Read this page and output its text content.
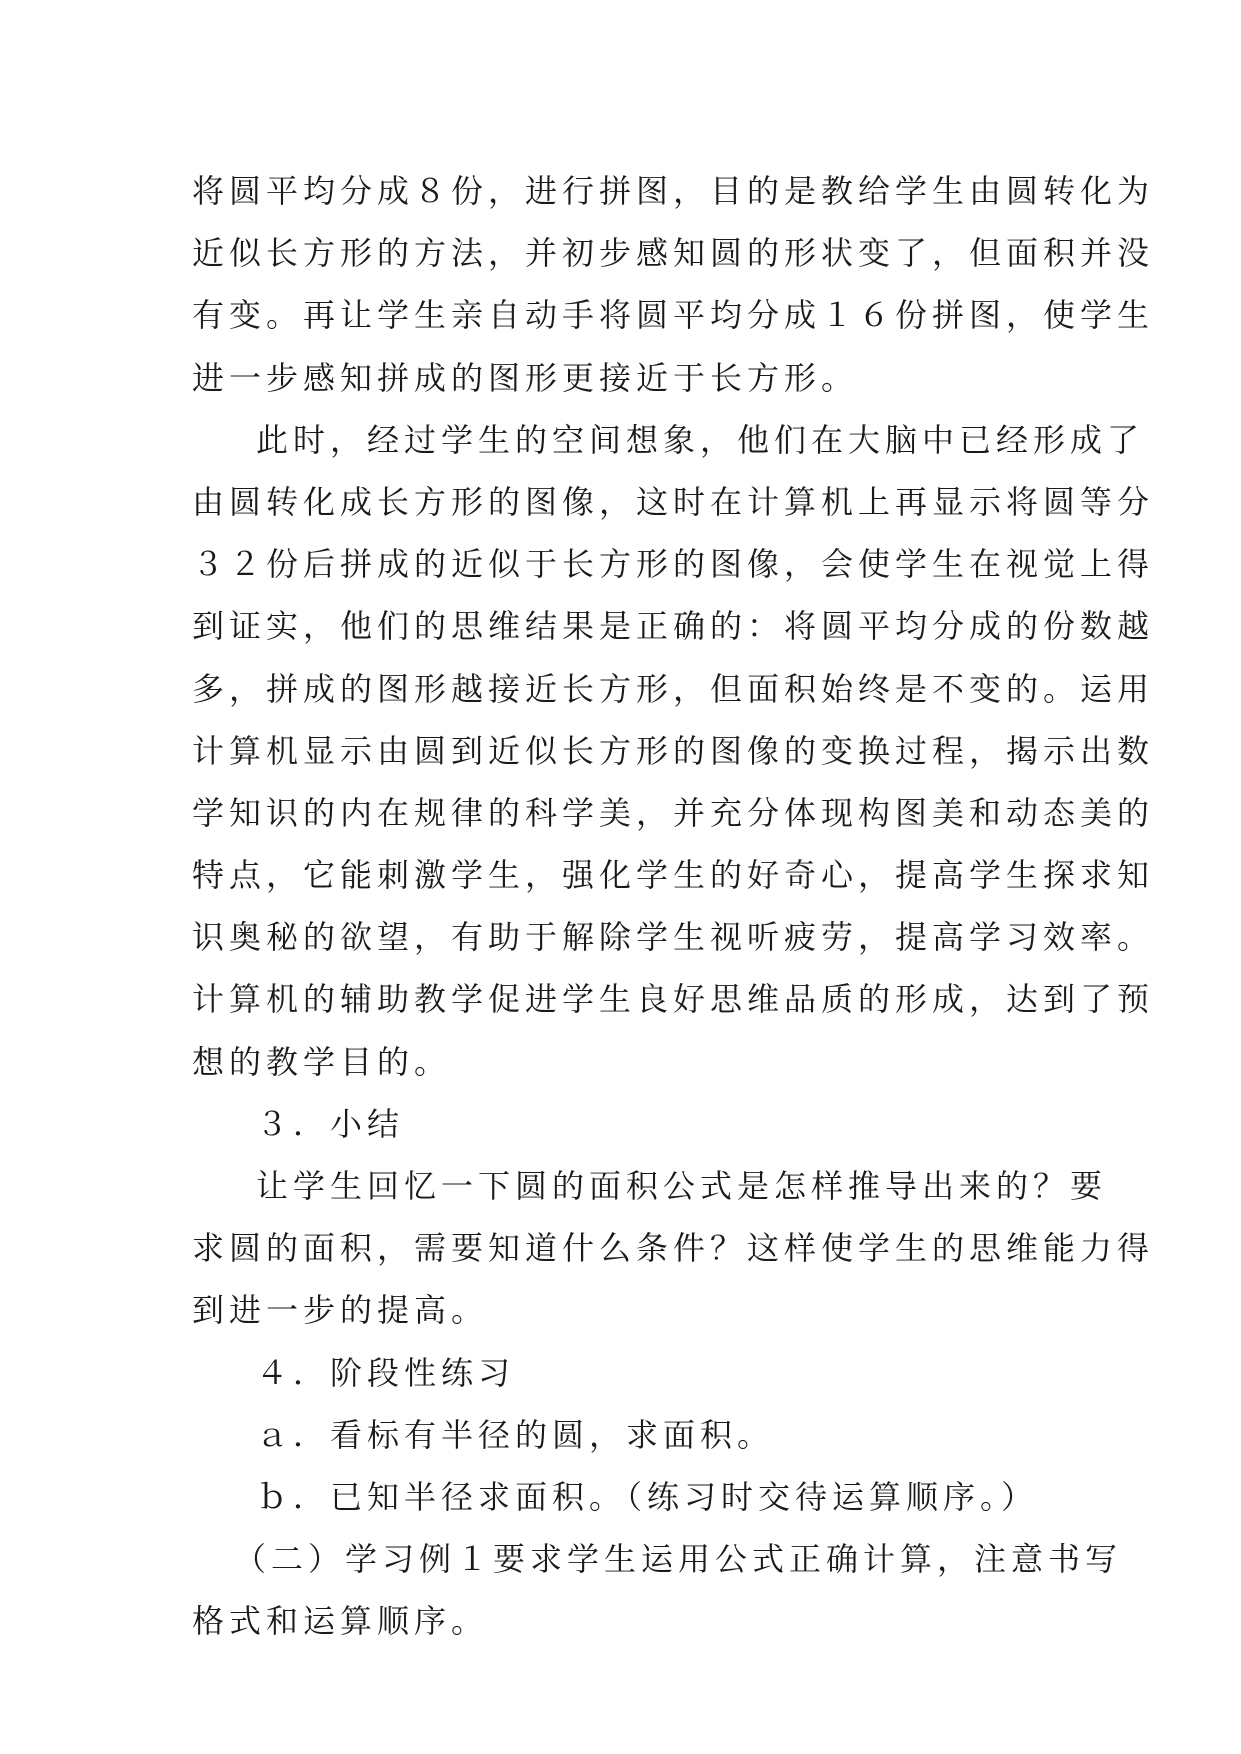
将圆平均分成８份，进行拼图，目的是教给学生由圆转化为
近似长方形的方法，并初步感知圆的形状变了，但面积并没
有变。再让学生亲自动手将圆平均分成１６份拼图，使学生
进一步感知拼成的图形更接近于长方形。
此时，经过学生的空间想象，他们在大脑中已经形成了
由圆转化成长方形的图像，这时在计算机上再显示将圆等分
３２份后拼成的近似于长方形的图像，会使学生在视觉上得
到证实，他们的思维结果是正确的：将圆平均分成的份数越
多，拼成的图形越接近长方形，但面积始终是不变的。运用
计算机显示由圆到近似长方形的图像的变换过程，揭示出数
学知识的内在规律的科学美，并充分体现构图美和动态美的
特点，它能刺激学生，强化学生的好奇心，提高学生探求知
识奥秘的欲望，有助于解除学生视听疲劳，提高学习效率。
计算机的辅助教学促进学生良好思维品质的形成，达到了预
想的教学目的。
３．小结
让学生回忆一下圆的面积公式是怎样推导出来的？要
求圆的面积，需要知道什么条件？这样使学生的思维能力得
到进一步的提高。
４．阶段性练习
ａ．看标有半径的圆，求面积。
ｂ．已知半径求面积。（练习时交待运算顺序。）
（二）学习例１要求学生运用公式正确计算，注意书写
格式和运算顺序。
